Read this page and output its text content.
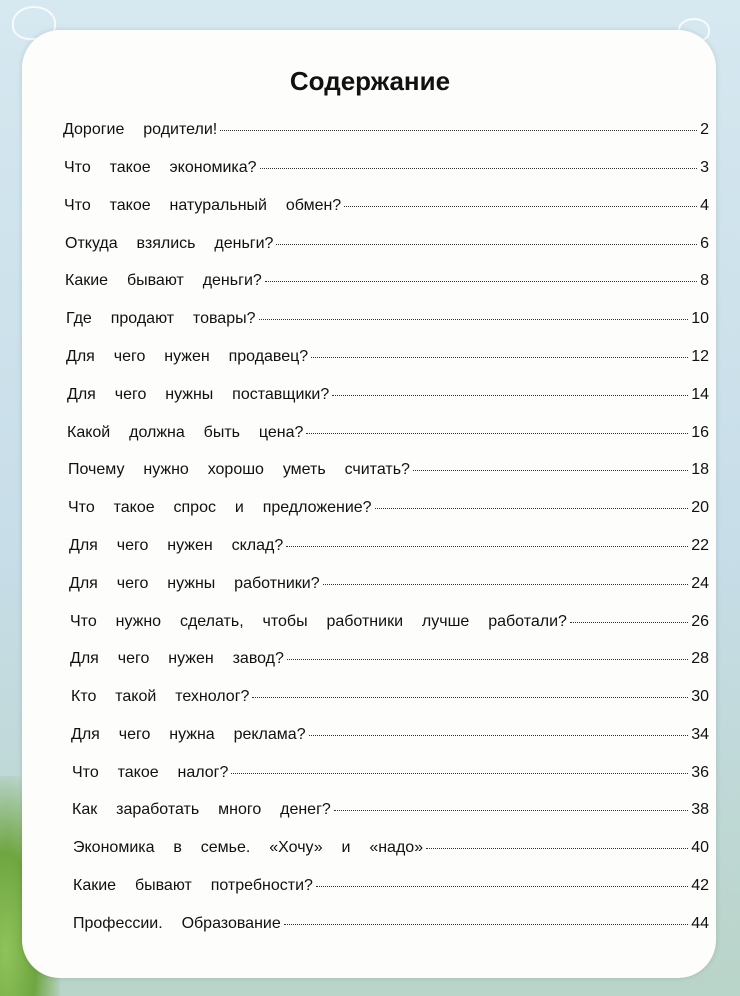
Содержание
Дорогие  родители!	2
Что  такое  экономика?	3
Что  такое  натуральный  обмен?	4
Откуда  взялись  деньги?	6
Какие  бывают  деньги?	8
Где  продают  товары?	10
Для  чего  нужен  продавец?	12
Для  чего  нужны  поставщики?	14
Какой  должна  быть  цена?	16
Почему  нужно  хорошо  уметь  считать?	18
Что  такое  спрос  и  предложение?	20
Для  чего  нужен  склад?	22
Для  чего  нужны  работники?	24
Что  нужно  сделать,  чтобы  работники  лучше  работали?	26
Для  чего  нужен  завод?	28
Кто  такой  технолог?	30
Для  чего  нужна  реклама?	34
Что  такое  налог?	36
Как  заработать  много  денег?	38
Экономика  в  семье.  «Хочу»  и  «надо»	40
Какие  бывают  потребности?	42
Профессии.  Образование	44
